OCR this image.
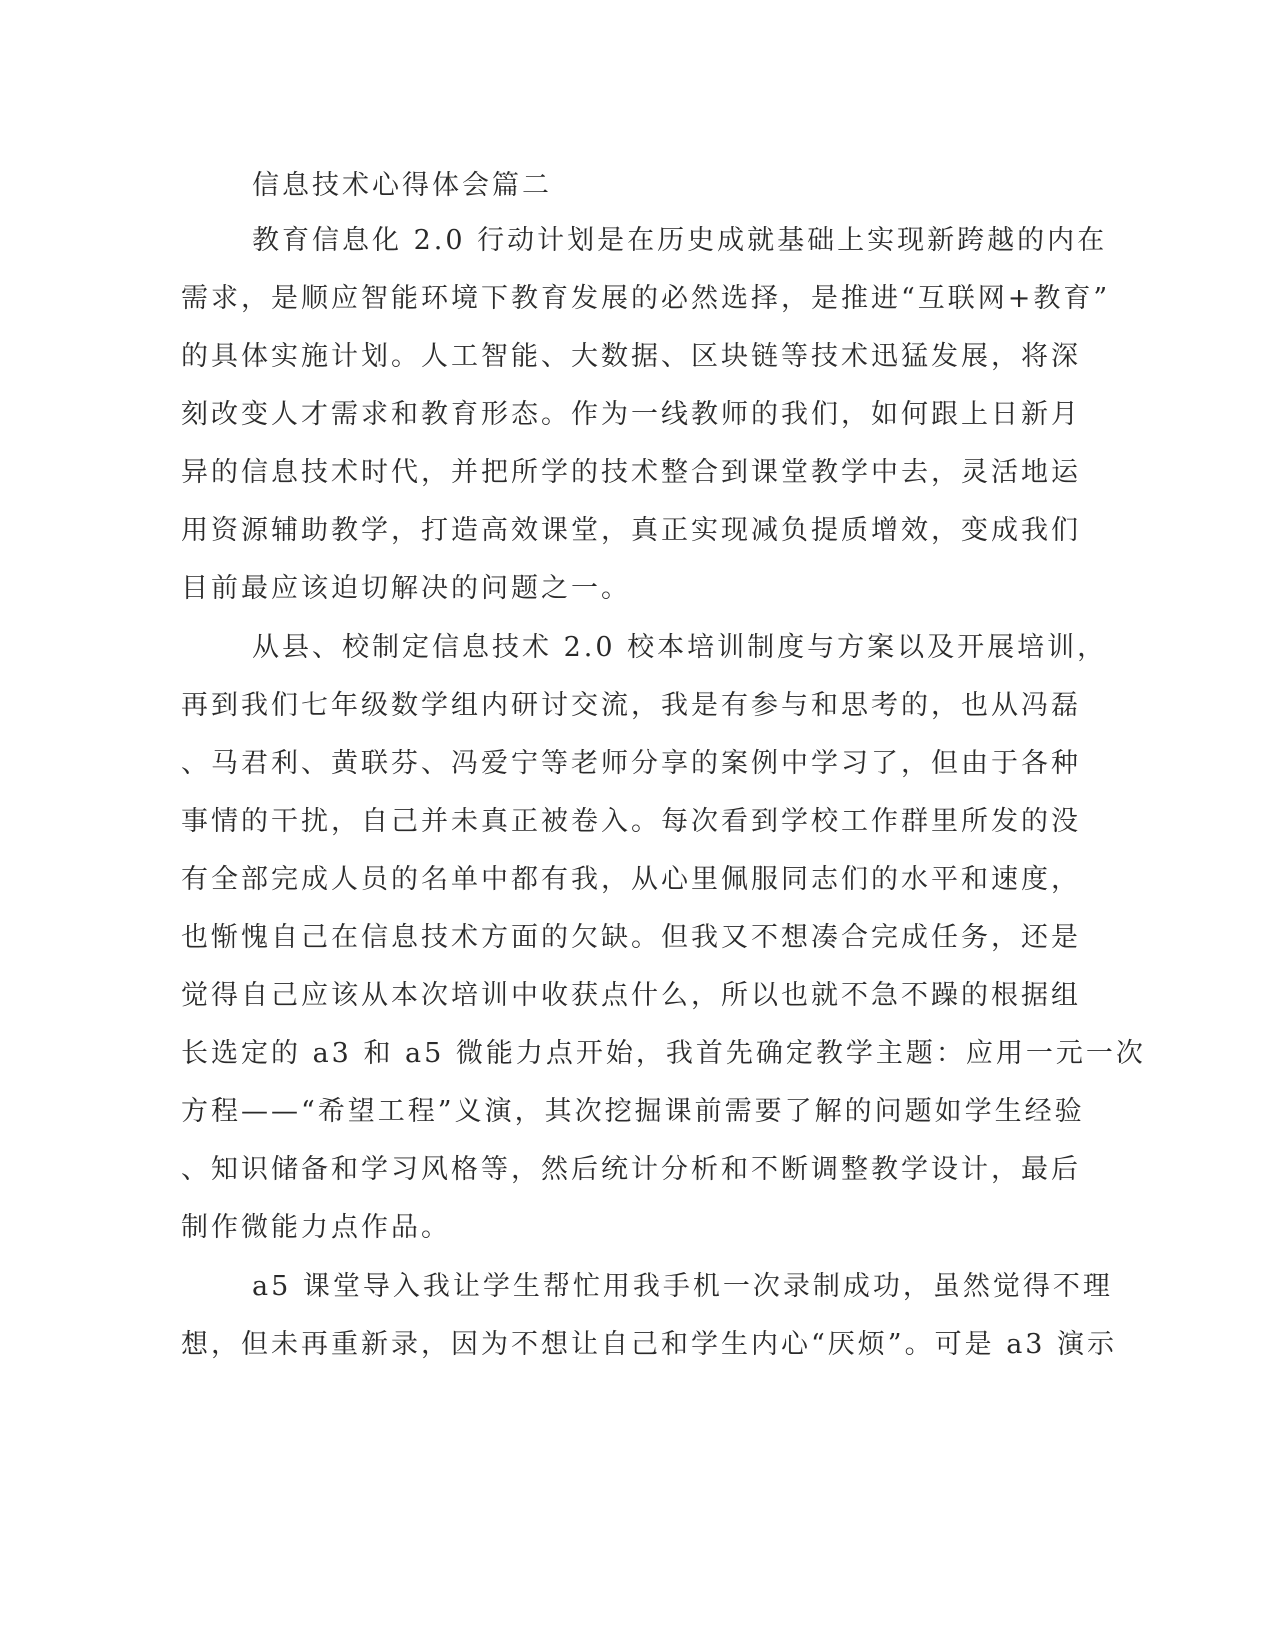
信息技术心得体会篇二
教育信息化 2.0 行动计划是在历史成就基础上实现新跨越的内在
需求，是顺应智能环境下教育发展的必然选择，是推进“互联网+教育”
的具体实施计划。人工智能、大数据、区块链等技术迅猛发展，将深
刻改变人才需求和教育形态。作为一线教师的我们，如何跟上日新月
异的信息技术时代，并把所学的技术整合到课堂教学中去，灵活地运
用资源辅助教学，打造高效课堂，真正实现减负提质增效，变成我们
目前最应该迫切解决的问题之一。
从县、校制定信息技术 2.0 校本培训制度与方案以及开展培训，
再到我们七年级数学组内研讨交流，我是有参与和思考的，也从冯磊
、马君利、黄联芬、冯爱宁等老师分享的案例中学习了，但由于各种
事情的干扰，自己并未真正被卷入。每次看到学校工作群里所发的没
有全部完成人员的名单中都有我，从心里佩服同志们的水平和速度，
也惭愧自己在信息技术方面的欠缺。但我又不想凑合完成任务，还是
觉得自己应该从本次培训中收获点什么，所以也就不急不躁的根据组
长选定的 a3 和 a5 微能力点开始，我首先确定教学主题：应用一元一次
方程——“希望工程”义演，其次挖掘课前需要了解的问题如学生经验
、知识储备和学习风格等，然后统计分析和不断调整教学设计，最后
制作微能力点作品。
a5 课堂导入我让学生帮忙用我手机一次录制成功，虽然觉得不理
想，但未再重新录，因为不想让自己和学生内心“厌烦”。可是 a3 演示
